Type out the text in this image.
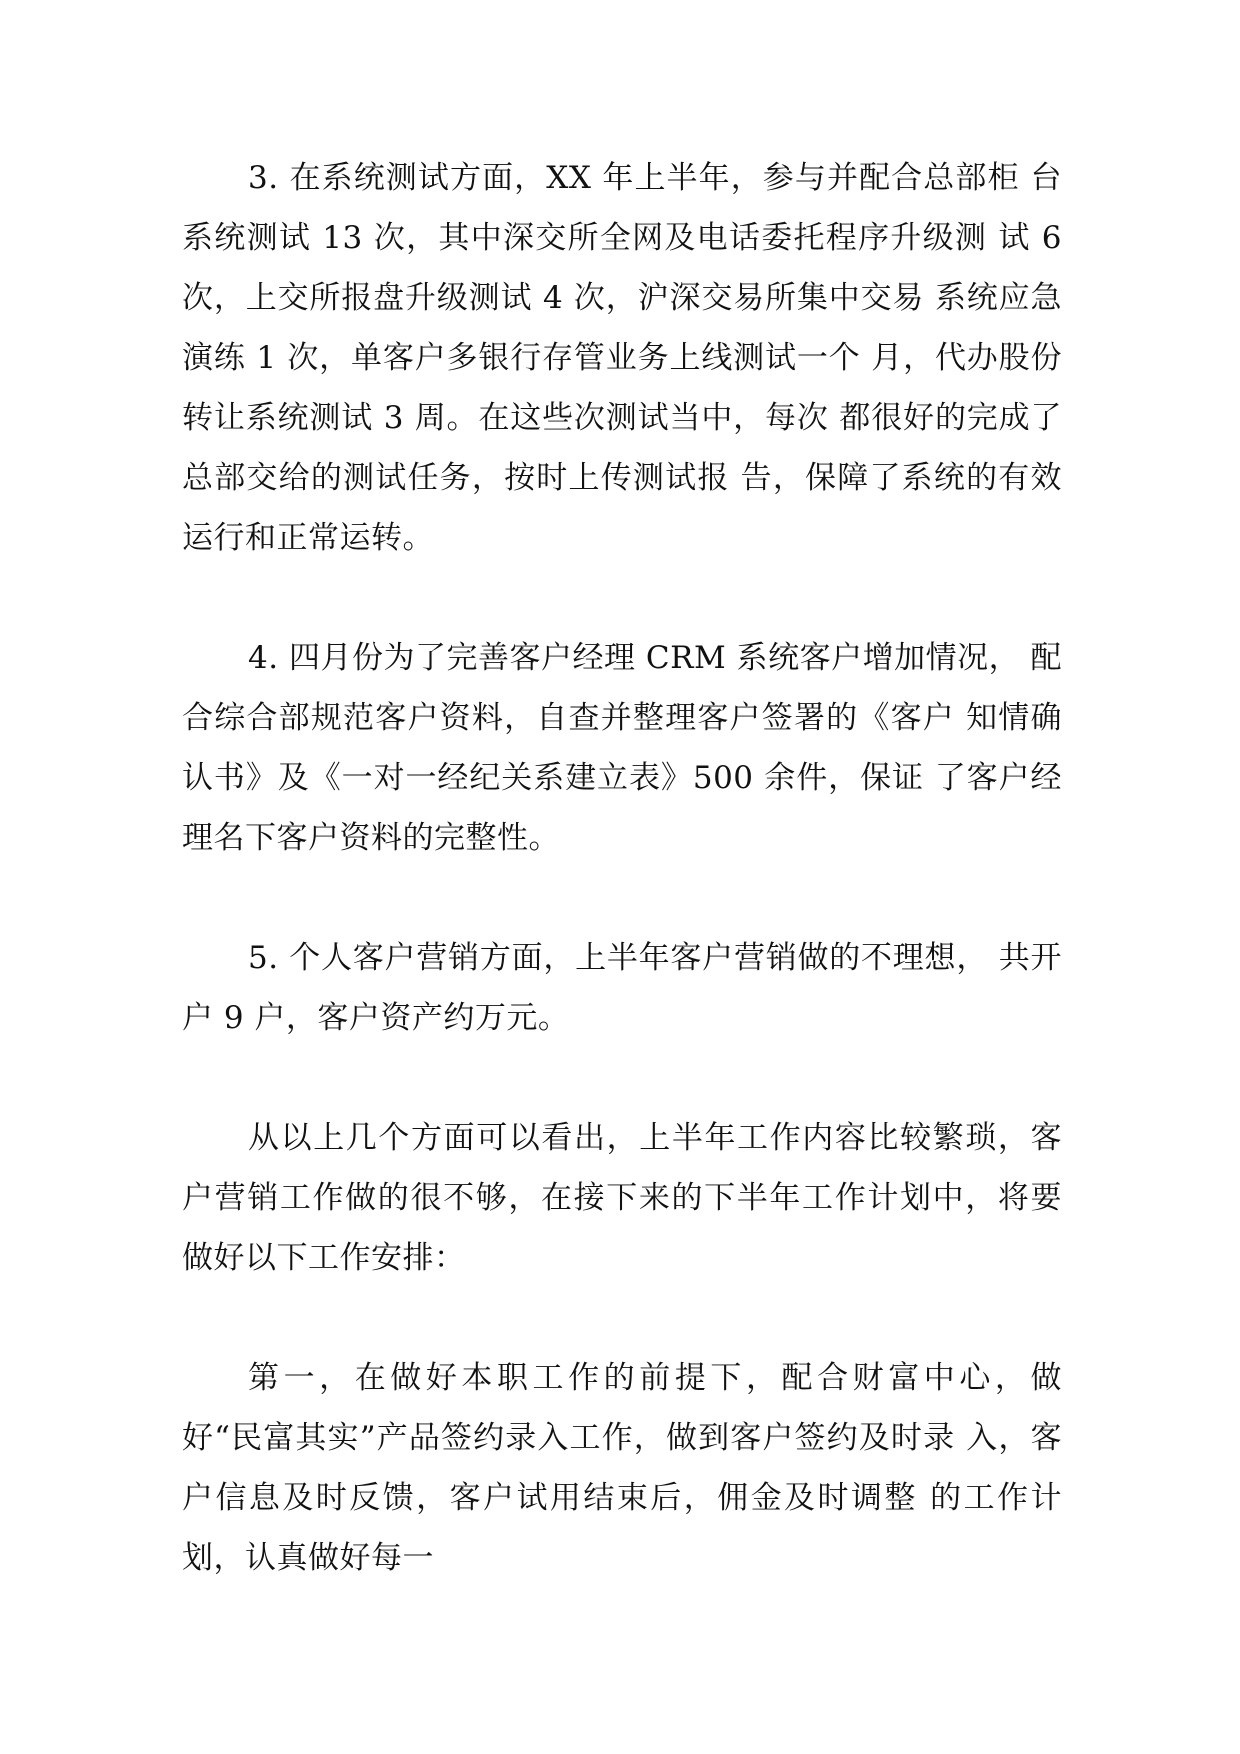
3. 在系统测试方面，XX 年上半年，参与并配合总部柜 台系统测试 13 次，其中深交所全网及电话委托程序升级测 试 6 次，上交所报盘升级测试 4 次，沪深交易所集中交易 系统应急演练 1 次，单客户多银行存管业务上线测试一个 月，代办股份转让系统测试 3 周。在这些次测试当中，每次 都很好的完成了总部交给的测试任务，按时上传测试报 告，保障了系统的有效运行和正常运转。

4. 四月份为了完善客户经理 CRM 系统客户增加情况， 配合综合部规范客户资料，自查并整理客户签署的《客户 知情确认书》及《一对一经纪关系建立表》500 余件，保证 了客户经理名下客户资料的完整性。

5. 个人客户营销方面，上半年客户营销做的不理想， 共开户 9 户，客户资产约万元。

从以上几个方面可以看出，上半年工作内容比较繁琐，客户营销工作做的很不够，在接下来的下半年工作计划中，将要做好以下工作安排：

第一，在做好本职工作的前提下，配合财富中心，做 好“民富其实”产品签约录入工作，做到客户签约及时录 入，客户信息及时反馈，客户试用结束后，佣金及时调整 的工作计划，认真做好每一
